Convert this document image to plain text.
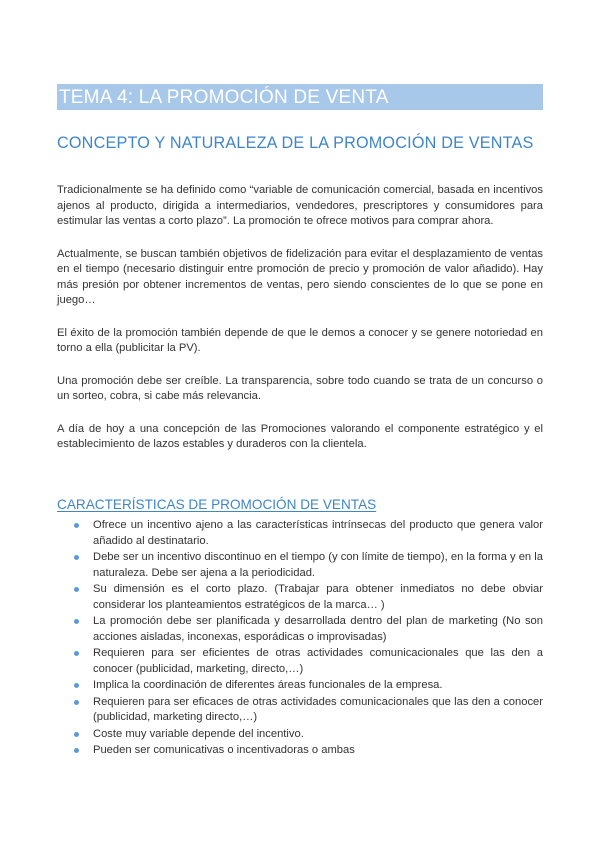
TEMA 4: LA PROMOCIÓN DE VENTA
CONCEPTO Y NATURALEZA DE LA PROMOCIÓN DE VENTAS

Tradicionalmente se ha definido como “variable de comunicación comercial, basada en incentivos ajenos al producto, dirigida a intermediarios, vendedores, prescriptores y consumidores para estimular las ventas a corto plazo”. La promoción te ofrece motivos para comprar ahora.

Actualmente, se buscan también objetivos de fidelización para evitar el desplazamiento de ventas en el tiempo (necesario distinguir entre promoción de precio y promoción de valor añadido). Hay más presión por obtener incrementos de ventas, pero siendo conscientes de lo que se pone en juego…

El éxito de la promoción también depende de que le demos a conocer y se genere notoriedad en torno a ella (publicitar la PV).

Una promoción debe ser creíble. La transparencia, sobre todo cuando se trata de un concurso o un sorteo, cobra, si cabe más relevancia.

A día de hoy a una concepción de las Promociones valorando el componente estratégico y el establecimiento de lazos estables y duraderos con la clientela.

CARACTERÍSTICAS DE PROMOCIÓN DE VENTAS
Ofrece un incentivo ajeno a las características intrínsecas del producto que genera valor añadido al destinatario.
Debe ser un incentivo discontinuo en el tiempo (y con límite de tiempo), en la forma y en la naturaleza. Debe ser ajena a la periodicidad.
Su dimensión es el corto plazo. (Trabajar para obtener inmediatos no debe obviar considerar los planteamientos estratégicos de la marca… )
La promoción debe ser planificada y desarrollada dentro del plan de marketing (No son acciones aisladas, inconexas, esporádicas o improvisadas)
Requieren para ser eficientes de otras actividades comunicacionales que las den a conocer (publicidad, marketing, directo,…)
Implica la coordinación de diferentes áreas funcionales de la empresa.
Requieren para ser eficaces de otras actividades comunicacionales que las den a conocer (publicidad, marketing directo,…)
Coste muy variable depende del incentivo.
Pueden ser comunicativas o incentivadoras o ambas
